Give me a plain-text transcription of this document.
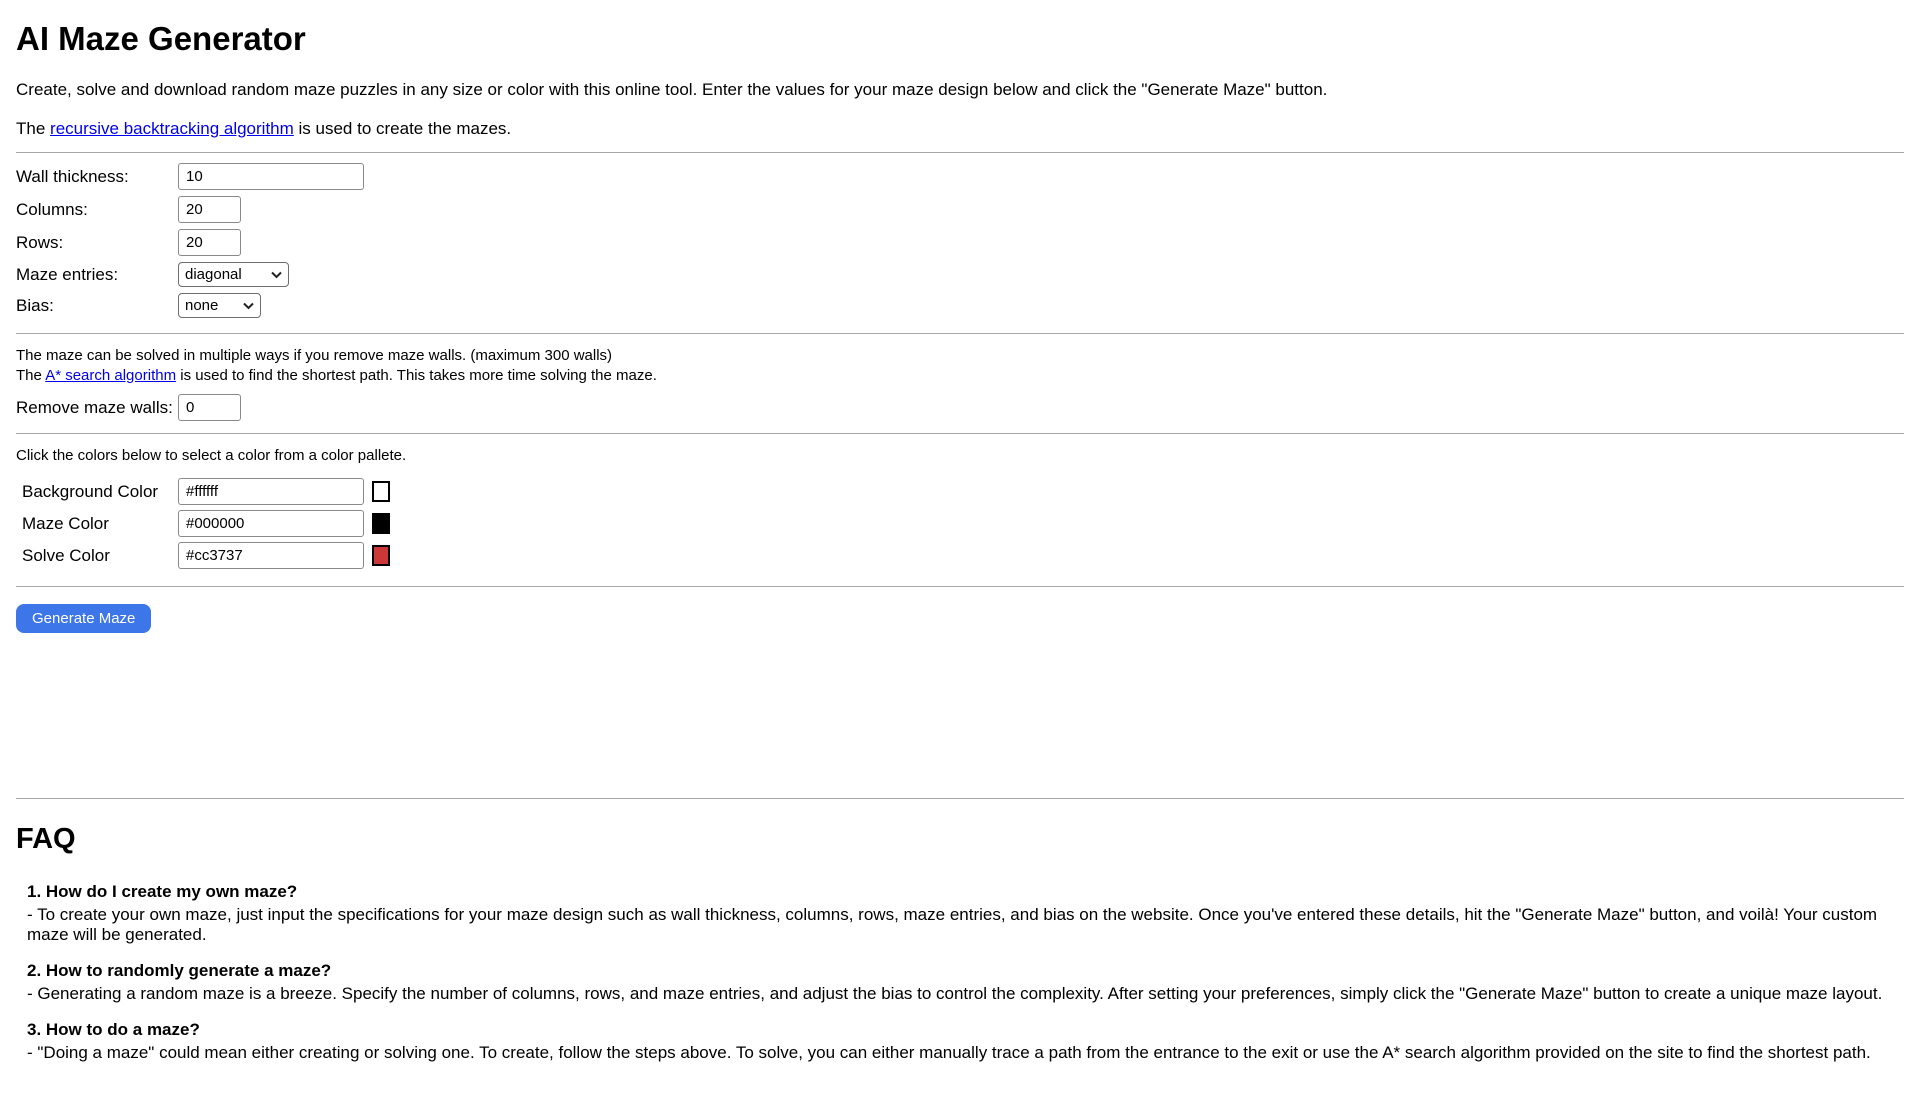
AI Maze Generator

Create, solve and download random maze puzzles in any size or color with this online tool. Enter the values for your maze design below and click the "Generate Maze" button.

The recursive backtracking algorithm is used to create the mazes.

Wall thickness:
10
Columns:
20
Rows:
20
Maze entries:
diagonal
Bias:
none
The maze can be solved in multiple ways if you remove maze walls. (maximum 300 walls)
The A* search algorithm is used to find the shortest path. This takes more time solving the maze.
Remove maze walls:
0
Click the colors below to select a color from a color pallete.
Background Color
#ffffff
Maze Color
#000000
Solve Color
#cc3737
Generate Maze
FAQ
1. How do I create my own maze?
- To create your own maze, just input the specifications for your maze design such as wall thickness, columns, rows, maze entries, and bias on the website. Once you've entered these details, hit the "Generate Maze" button, and voilà! Your custom maze will be generated.
2. How to randomly generate a maze?
- Generating a random maze is a breeze. Specify the number of columns, rows, and maze entries, and adjust the bias to control the complexity. After setting your preferences, simply click the "Generate Maze" button to create a unique maze layout.
3. How to do a maze?
- "Doing a maze" could mean either creating or solving one. To create, follow the steps above. To solve, you can either manually trace a path from the entrance to the exit or use the A* search algorithm provided on the site to find the shortest path.
